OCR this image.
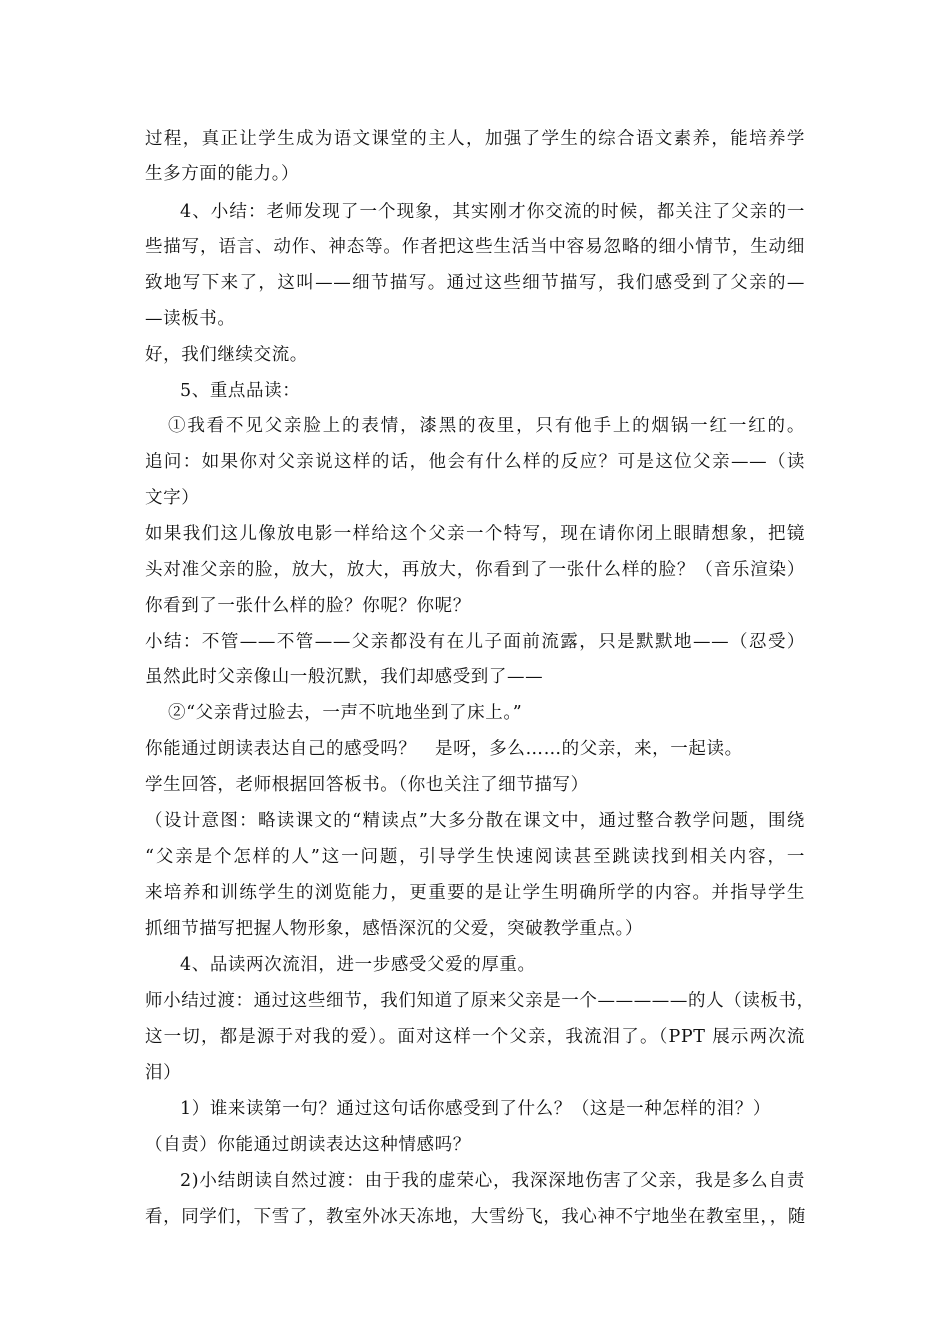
过程，真正让学生成为语文课堂的主人，加强了学生的综合语文素养，能培养学
生多方面的能力。）
4、小结：老师发现了一个现象，其实刚才你交流的时候，都关注了父亲的一
些描写，语言、动作、神态等。作者把这些生活当中容易忽略的细小情节，生动细
致地写下来了，这叫——细节描写。通过这些细节描写，我们感受到了父亲的—
—读板书。
好，我们继续交流。
5、重点品读：
①我看不见父亲脸上的表情，漆黑的夜里，只有他手上的烟锅一红一红的。
追问：如果你对父亲说这样的话，他会有什么样的反应？可是这位父亲——（读
文字）
如果我们这儿像放电影一样给这个父亲一个特写，现在请你闭上眼睛想象，把镜
头对准父亲的脸，放大，放大，再放大，你看到了一张什么样的脸？（音乐渲染）
你看到了一张什么样的脸？你呢？你呢？
小结：不管——不管——父亲都没有在儿子面前流露，只是默默地——（忍受）
虽然此时父亲像山一般沉默，我们却感受到了——
②“父亲背过脸去，一声不吭地坐到了床上。”
你能通过朗读表达自己的感受吗？   是呀，多么……的父亲，来，一起读。
学生回答，老师根据回答板书。（你也关注了细节描写）
（设计意图：略读课文的“精读点”大多分散在课文中，通过整合教学问题，围绕
“父亲是个怎样的人”这一问题，引导学生快速阅读甚至跳读找到相关内容，一
来培养和训练学生的浏览能力，更重要的是让学生明确所学的内容。并指导学生
抓细节描写把握人物形象，感悟深沉的父爱，突破教学重点。）
4、品读两次流泪，进一步感受父爱的厚重。
师小结过渡：通过这些细节，我们知道了原来父亲是一个—————的人（读板书，
这一切，都是源于对我的爱）。面对这样一个父亲，我流泪了。（PPT 展示两次流
泪）
1）谁来读第一句？通过这句话你感受到了什么？（这是一种怎样的泪？）
（自责）你能通过朗读表达这种情感吗？
2)小结朗读自然过渡：由于我的虚荣心，我深深地伤害了父亲，我是多么自责
看，同学们，下雪了，教室外冰天冻地，大雪纷飞，我心神不宁地坐在教室里，，随
